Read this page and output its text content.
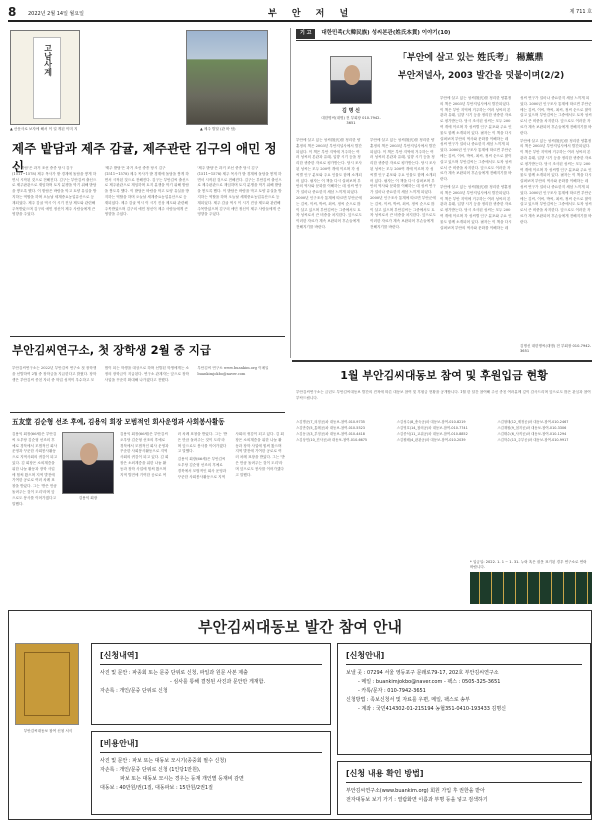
8 2022년 2월 14일 월요일	부 안 저 널	제 711 호
고남사계
▲ 산문사로 보자에 해서 이 얼 게된 이미 지	▲ 제주 발달 (관 바 담)
제주 밭담과 제주 감귤, 제주관란 김구의 애민 정신

'제주 밭담'은 과거 조선 중종 당시 김구(1511~1578) 제주 목사가 밭 경계에 돌담을 쌓게 하면서 시작된 것으로 전해진다. 김구는 부안김씨 출신으로 제주판관으로 재임하며 토지 분쟁을 막기 위해 밭담을 쌓도록 했다. 이 밭담은 바람을 막고 토양 유실을 방지하는 역할을 하며 오늘날 세계중요농업유산으로 등재되었다. 제주 감귤 역시 이 시기 진상 제도와 관련해 주목받았으며 김구의 애민 정신이 제주 사람들에게 큰 영향을 주었다.

'제주 밭담'은 과거 조선 중종 당시 김구(1511~1578) 제주 목사가 밭 경계에 돌담을 쌓게 하면서 시작된 것으로 전해진다. 김구는 부안김씨 출신으로 제주판관으로 재임하며 토지 분쟁을 막기 위해 밭담을 쌓도록 했다. 이 밭담은 바람을 막고 토양 유실을 방지하는 역할을 하며 오늘날 세계중요농업유산으로 등재되었다. 제주 감귤 역시 이 시기 진상 제도와 관련해 주목받았으며 김구의 애민 정신이 제주 사람들에게 큰 영향을 주었다.

'제주 밭담'은 과거 조선 중종 당시 김구(1511~1578) 제주 목사가 밭 경계에 돌담을 쌓게 하면서 시작된 것으로 전해진다. 김구는 부안김씨 출신으로 제주판관으로 재임하며 토지 분쟁을 막기 위해 밭담을 쌓도록 했다. 이 밭담은 바람을 막고 토양 유실을 방지하는 역할을 하며 오늘날 세계중요농업유산으로 등재되었다. 제주 감귤 역시 이 시기 진상 제도와 관련해 주목받았으며 김구의 애민 정신이 제주 사람들에게 큰 영향을 주었다.

부안김씨연구소, 첫 장학생 2월 중 지급

부안김씨연구소는 2022년 부안김씨 연구소 첫 장학생을 선발하여 2월 중 장학금을 지급한다고 밝혔다. 장학생은 부안김씨 종친 자녀 중 학업 성적이 우수하고 모범이 되는 학생을 대상으로 하며 선발된 학생에게는 소정의 장학금이 지급된다. 연구소 관계자는 앞으로 장학 사업을 꾸준히 확대해 나가겠다고 전했다.

부안김씨 연구소 www.buankim.org 이메일 buankimjokbo@naver.com

五友堂 김순형 선조 후예, 김용익 회장 모범적인 회사운영과 사회봉사활동

김용익 회장(66세)은 부안김씨 오우당 김순형 선조의 후예로 경북에서 모범적인 회사 운영과 꾸준한 사회봉사활동으로 지역사회의 귀감이 되고 있다. 김 회장은 소외계층을 위한 나눔 활동과 장학 사업에 힘써 왔으며 지역 발전에 기여한 공로로 여러 차례 표창을 받았다. 그는 '받은 만큼 돌려주는 것이 도리'라며 앞으로도 봉사를 이어가겠다고 말했다.

김용익 회장(66세)은 부안김씨 오우당 김순형 선조의 후예로 경북에서 모범적인 회사 운영과 꾸준한 사회봉사활동으로 지역사회의 귀감이 되고 있다. 김 회장은 소외계층을 위한 나눔 활동과 장학 사업에 힘써 왔으며 지역 발전에 기여한 공로로 여러 차례 표창을 받았다. 그는 '받은 만큼 돌려주는 것이 도리'라며 앞으로도 봉사를 이어가겠다고 말했다.

김용익 회장(66세)은 부안김씨 오우당 김순형 선조의 후예로 경북에서 모범적인 회사 운영과 꾸준한 사회봉사활동으로 지역사회의 귀감이 되고 있다. 김 회장은 소외계층을 위한 나눔 활동과 장학 사업에 힘써 왔으며 지역 발전에 기여한 공로로 여러 차례 표창을 받았다. 그는 '받은 만큼 돌려주는 것이 도리'라며 앞으로도 봉사를 이어가겠다고 말했다.

김용익 회장
기 고	대한민족(大韓民族) 성씨본관(姓氏本貫) 이야기(10)
김 명 신
대한명씨(대명) 전 부회장 010-7942-3651
「부안에 살고 있는 姓氏考」 楊薰鼎
부안저널사, 2003 발간을 덧붙이며(2/2)

부안에 살고 있는 성씨(姓氏)를 정리한 양훈정의 책은 2003년 부안저널사에서 발간되었다. 이 책은 부안 지역에 거주하는 여러 성씨의 본관과 유래, 입향 시기 등을 정리한 귀중한 자료로 평가받는다. 당시 조사된 성씨는 모두 200여 개에 이르며 각 성씨별 인구 분포와 주요 인물도 함께 소개되어 있다. 필자는 이 책을 다시 살펴보며 부안의 역사와 문화를 이해하는 데 성씨 연구가 얼마나 중요한지 새삼 느끼게 되었다. 2000년 인구조사 통계에 따르면 부안군에는 김씨, 이씨, 박씨, 최씨, 정씨 순으로 많이 살고 있으며 부안김씨는 그중에서도 토착 성씨로서 큰 비중을 차지한다. 앞으로도 이러한 자료가 계속 보완되어 후손들에게 전해지기를 바란다.

부안에 살고 있는 성씨(姓氏)를 정리한 양훈정의 책은 2003년 부안저널사에서 발간되었다. 이 책은 부안 지역에 거주하는 여러 성씨의 본관과 유래, 입향 시기 등을 정리한 귀중한 자료로 평가받는다. 당시 조사된 성씨는 모두 200여 개에 이르며 각 성씨별 인구 분포와 주요 인물도 함께 소개되어 있다. 필자는 이 책을 다시 살펴보며 부안의 역사와 문화를 이해하는 데 성씨 연구가 얼마나 중요한지 새삼 느끼게 되었다. 2000년 인구조사 통계에 따르면 부안군에는 김씨, 이씨, 박씨, 최씨, 정씨 순으로 많이 살고 있으며 부안김씨는 그중에서도 토착 성씨로서 큰 비중을 차지한다. 앞으로도 이러한 자료가 계속 보완되어 후손들에게 전해지기를 바란다.

부안에 살고 있는 성씨(姓氏)를 정리한 양훈정의 책은 2003년 부안저널사에서 발간되었다. 이 책은 부안 지역에 거주하는 여러 성씨의 본관과 유래, 입향 시기 등을 정리한 귀중한 자료로 평가받는다. 당시 조사된 성씨는 모두 200여 개에 이르며 각 성씨별 인구 분포와 주요 인물도 함께 소개되어 있다. 필자는 이 책을 다시 살펴보며 부안의 역사와 문화를 이해하는 데 성씨 연구가 얼마나 중요한지 새삼 느끼게 되었다. 2000년 인구조사 통계에 따르면 부안군에는 김씨, 이씨, 박씨, 최씨, 정씨 순으로 많이 살고 있으며 부안김씨는 그중에서도 토착 성씨로서 큰 비중을 차지한다. 앞으로도 이러한 자료가 계속 보완되어 후손들에게 전해지기를 바란다.

부안에 살고 있는 성씨(姓氏)를 정리한 양훈정의 책은 2003년 부안저널사에서 발간되었다. 이 책은 부안 지역에 거주하는 여러 성씨의 본관과 유래, 입향 시기 등을 정리한 귀중한 자료로 평가받는다. 당시 조사된 성씨는 모두 200여 개에 이르며 각 성씨별 인구 분포와 주요 인물도 함께 소개되어 있다. 필자는 이 책을 다시 살펴보며 부안의 역사와 문화를 이해하는 데 성씨 연구가 얼마나 중요한지 새삼 느끼게 되었다. 2000년 인구조사 통계에 따르면 부안군에는 김씨, 이씨, 박씨, 최씨, 정씨 순으로 많이 살고 있으며 부안김씨는 그중에서도 토착 성씨로서 큰 비중을 차지한다. 앞으로도 이러한 자료가 계속 보완되어 후손들에게 전해지기를 바란다.

부안에 살고 있는 성씨(姓氏)를 정리한 양훈정의 책은 2003년 부안저널사에서 발간되었다. 이 책은 부안 지역에 거주하는 여러 성씨의 본관과 유래, 입향 시기 등을 정리한 귀중한 자료로 평가받는다. 당시 조사된 성씨는 모두 200여 개에 이르며 각 성씨별 인구 분포와 주요 인물도 함께 소개되어 있다. 필자는 이 책을 다시 살펴보며 부안의 역사와 문화를 이해하는 데 성씨 연구가 얼마나 중요한지 새삼 느끼게 되었다. 2000년 인구조사 통계에 따르면 부안군에는 김씨, 이씨, 박씨, 최씨, 정씨 순으로 많이 살고 있으며 부안김씨는 그중에서도 토착 성씨로서 큰 비중을 차지한다. 앞으로도 이러한 자료가 계속 보완되어 후손들에게 전해지기를 바란다.

김명신 대한명씨(대명) 전 부회장 010-7942-3651
1월 부안김씨대동보 참여 및 후원입금 현황
부안김씨연구소는 금년도 부안김씨대동보 발간의 진척에 따른 대동보 참여 및 후원금 현황을 공개합니다. 1월 한 달간 참여해 주신 종친 여러분께 깊이 감사드리며 앞으로도 많은 관심과 참여 부탁드립니다.
스김병준(7_의정공)파 대동보-참여-010-9735	스김성수(8_충숙공)파 대동보-참여-010-8219	스김형태(12_제정공)파 대동보-참여-010-2467
스김만중(5_통례공)파 대동보-참여-010-5523	스김영호(14_참의공)파 대동보-참여-010-7741	스김재원(9_첨지공)파 대동보-참여-010-3306
스김동규(3_부정공)파 대동보-참여-010-4418	스김종석(11_교위공)파 대동보-참여-010-8852	스김태수(6_사직공)파 대동보-참여-010-1294
스김상민(10_진사공)파 대동보-참여-010-6675	스김원배(4_판관공)파 대동보-참여-010-2039	스김학수(13_주부공)파 대동보-참여-010-9917
* 입금일: 2022. 1. 1 ~ 1. 31. 누락 혹은 잘못 표기된 경우 연구소로 연락 바랍니다.
부안김씨대동보 발간 참여 안내
부안김씨대동보 참여 신청 서식
[신청내역]
사진 및 문안 : 파종회 또는 문중 단위로 신청, 파일과 원문 사본 제출
- 심사를 통해 결정된 사진과 문안만 게재함.
자손록 : 개인/문중 단위로 신청
[비용안내]
사진 및 문안 : 파보 또는 대동보 모시기(종중회 필수 신청)
자손록 : 개인/문중 단위로 신청 (1인당1만원),
파보 또는 대동보 모시는 경우는 등재 개인별 등재비 감면
대동보 : 40만원/권(1질, 대동파보 : 15만원/2권1질
[신청안내]
보낼 곳 : 07294 서울 영등포구 문래로79-17, 202호 부안김씨연구소
- 메일 : buankimjokbo@naver.com - 팩스 : 0505-325-3651
- 카톡/문자 : 010-7942-3651
신청방법 : 족보신청서 및 자료를 우편, 메일, 팩스로 송부
- 계좌 : 국민414302-01-215194 농협351-0410-193433 김명신
[신청 내용 확인 방법]
부안김씨연구소(www.buankim.org) 회원 가입 후 권한을 받아
전자대동보 보기 가기 : 열람화면 이름과 부명 등을 넣고 검색하기
